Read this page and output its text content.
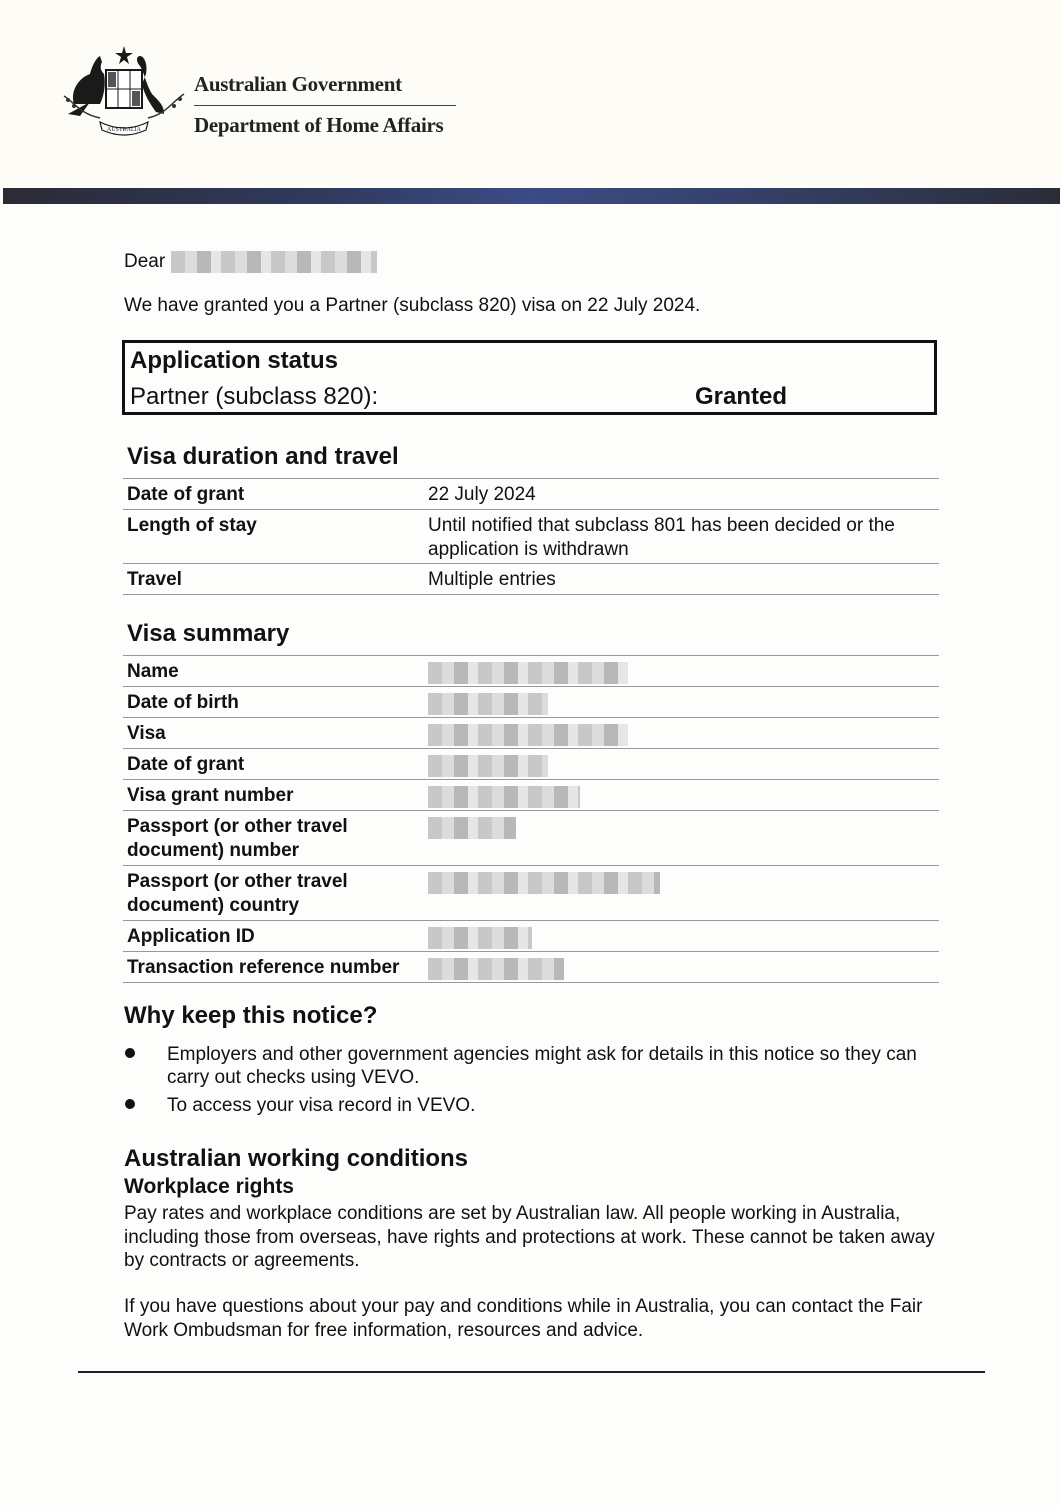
AUSTRALIA
Australian Government
Department of Home Affairs
Dear
We have granted you a Partner (subclass 820) visa on 22 July 2024.
Application status
Partner (subclass 820):	Granted
Visa duration and travel
Date of grant	22 July 2024
Length of stay	Until notified that subclass 801 has been decided or the application is withdrawn
Travel	Multiple entries
Visa summary
Name
Date of birth
Visa
Date of grant
Visa grant number
Passport (or other travel document) number
Passport (or other travel document) country
Application ID
Transaction reference number
Why keep this notice?
Employers and other government agencies might ask for details in this notice so they can carry out checks using VEVO.
To access your visa record in VEVO.
Australian working conditions
Workplace rights

Pay rates and workplace conditions are set by Australian law. All people working in Australia, including those from overseas, have rights and protections at work. These cannot be taken away by contracts or agreements.

If you have questions about your pay and conditions while in Australia, you can contact the Fair Work Ombudsman for free information, resources and advice.
